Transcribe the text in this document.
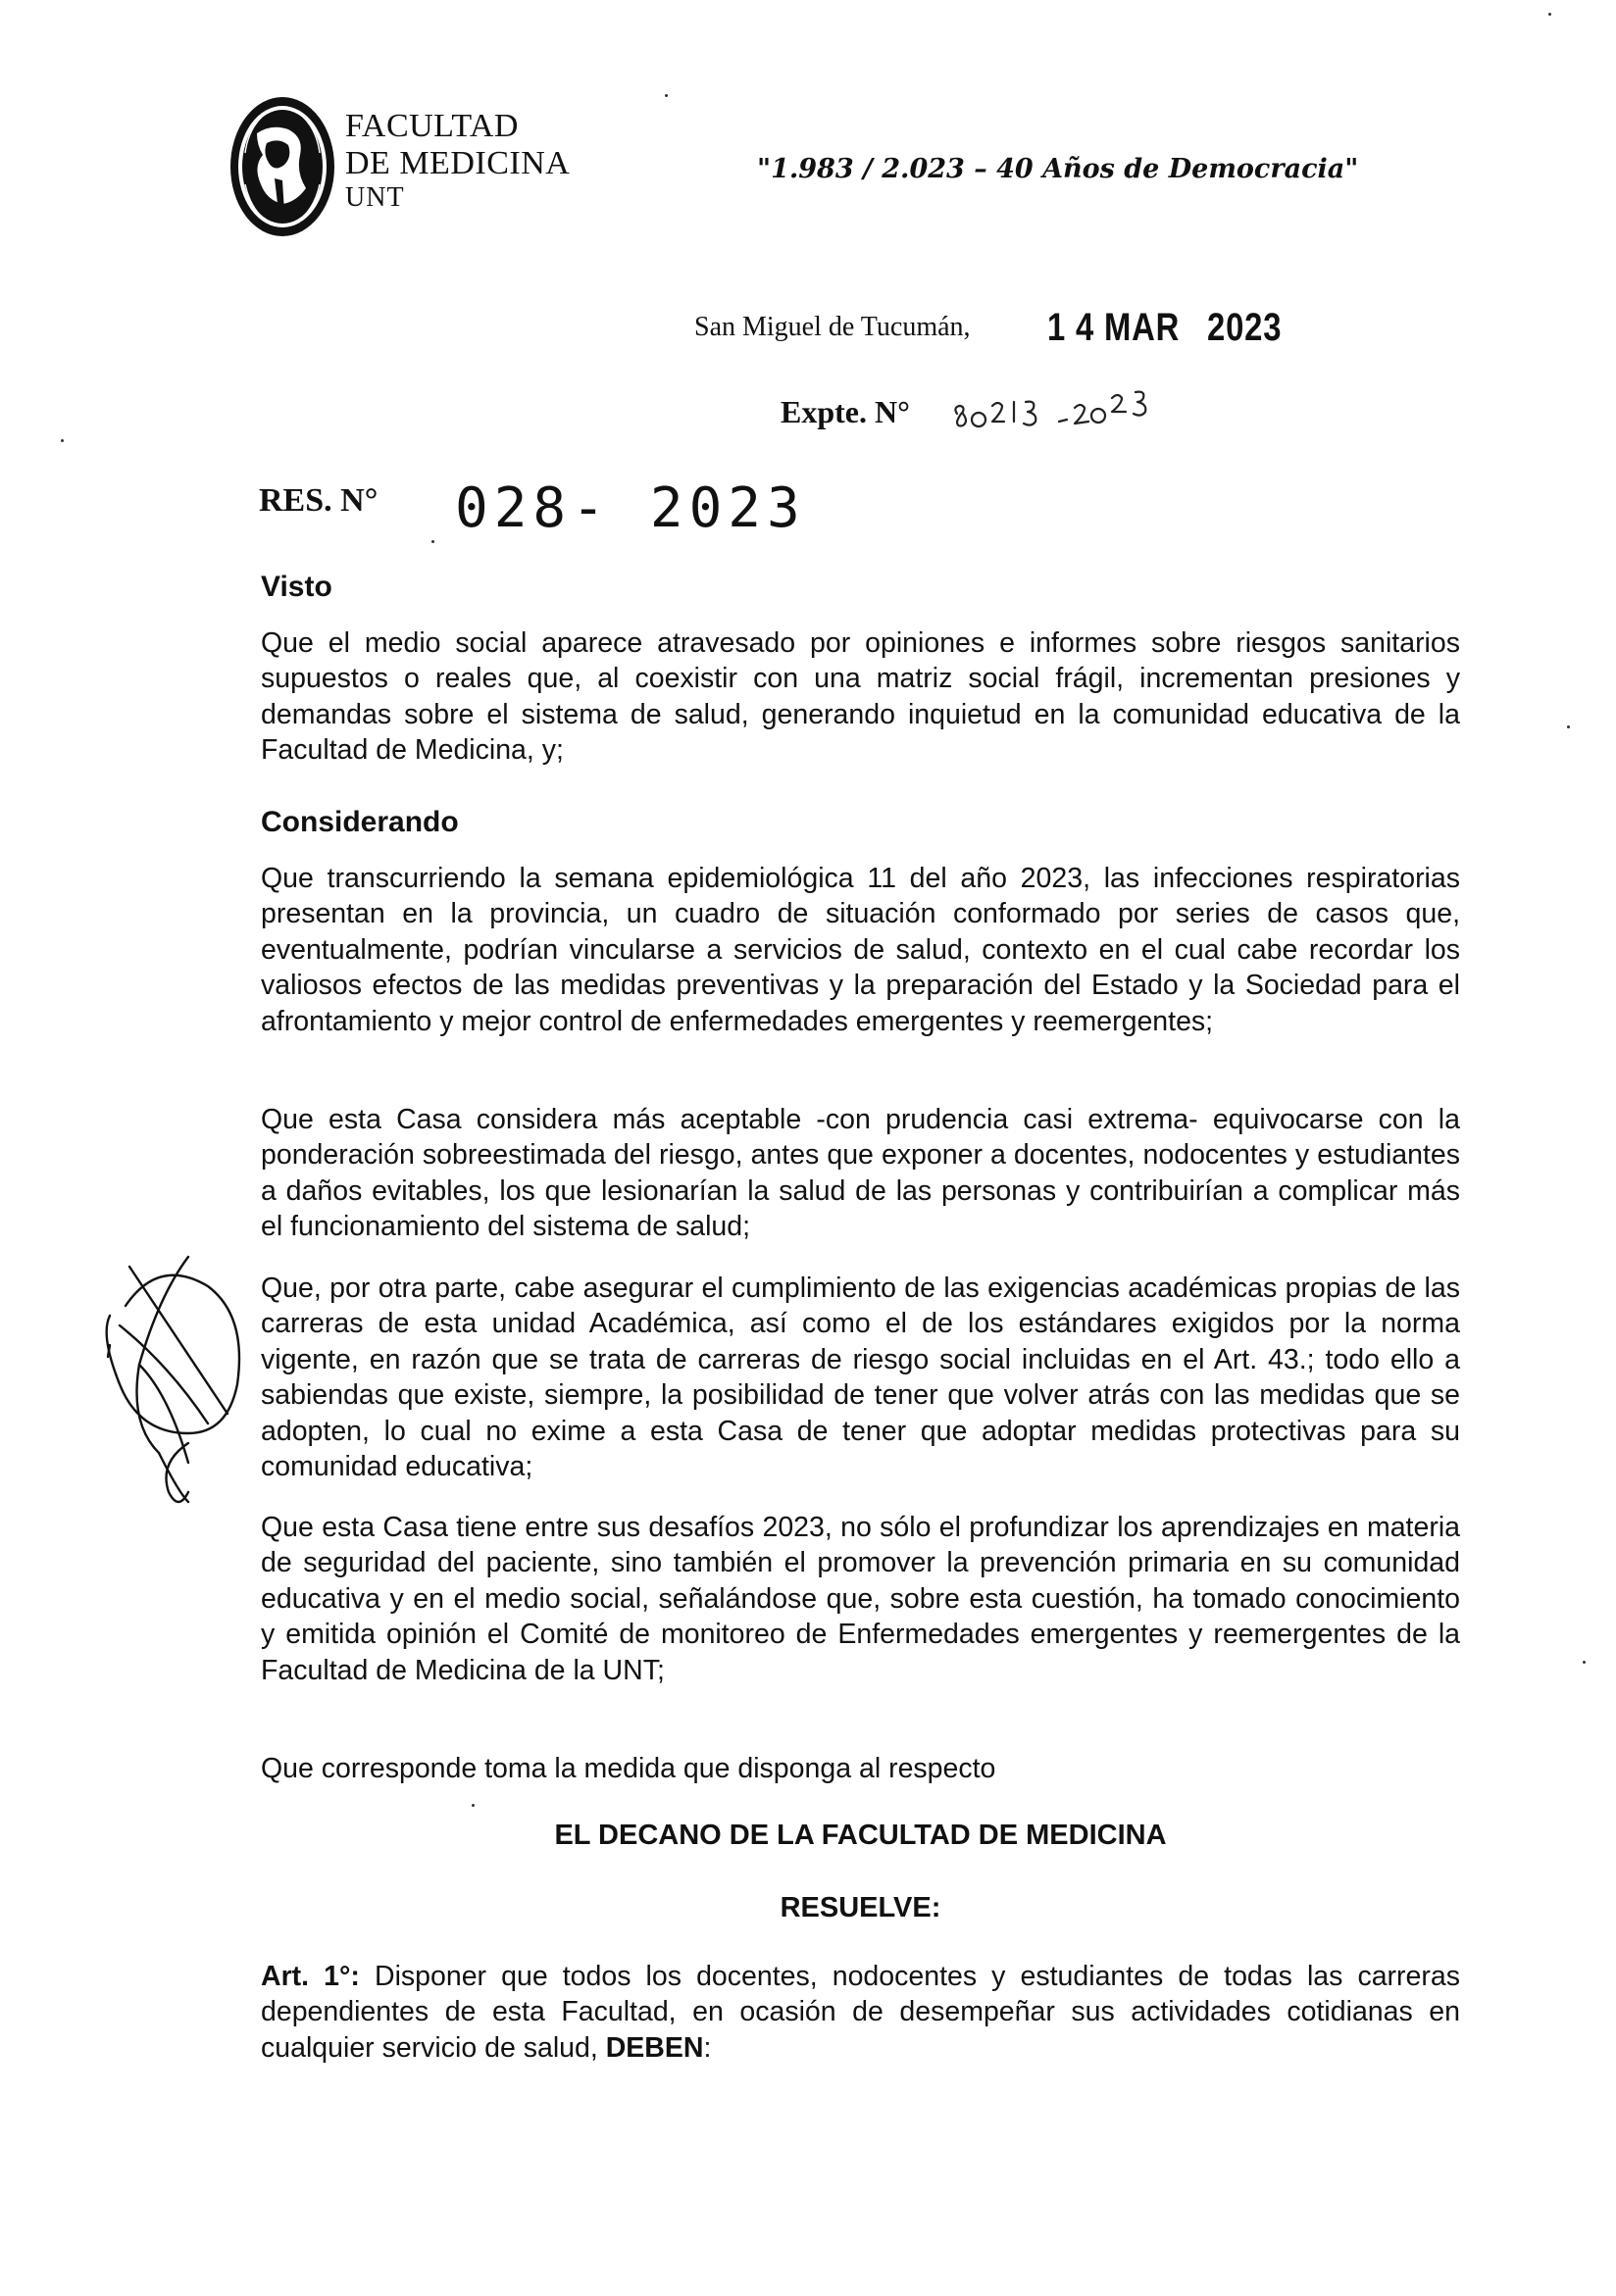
FACULTAD
DE MEDICINA
UNT
"1.983 / 2.023 – 40 Años de Democracia"
San Miguel de Tucumán, 1 4 MAR 2023
Expte. N°
RES. N° 028- 2023
Visto
Que el medio social aparece atravesado por opiniones e informes sobre riesgos sanitarios supuestos o reales que, al coexistir con una matriz social frágil, incrementan presiones y demandas sobre el sistema de salud, generando inquietud en la comunidad educativa de la Facultad de Medicina, y;
Considerando
Que transcurriendo la semana epidemiológica 11 del año 2023, las infecciones respiratorias presentan en la provincia, un cuadro de situación conformado por series de casos que, eventualmente, podrían vincularse a servicios de salud, contexto en el cual cabe recordar los valiosos efectos de las medidas preventivas y la preparación del Estado y la Sociedad para el afrontamiento y mejor control de enfermedades emergentes y reemergentes;
Que esta Casa considera más aceptable -con prudencia casi extrema- equivocarse con la ponderación sobreestimada del riesgo, antes que exponer a docentes, nodocentes y estudiantes a daños evitables, los que lesionarían la salud de las personas y contribuirían a complicar más el funcionamiento del sistema de salud;
Que, por otra parte, cabe asegurar el cumplimiento de las exigencias académicas propias de las carreras de esta unidad Académica, así como el de los estándares exigidos por la norma vigente, en razón que se trata de carreras de riesgo social incluidas en el Art. 43.; todo ello a sabiendas que existe, siempre, la posibilidad de tener que volver atrás con las medidas que se adopten, lo cual no exime a esta Casa de tener que adoptar medidas protectivas para su comunidad educativa;
Que esta Casa tiene entre sus desafíos 2023, no sólo el profundizar los aprendizajes en materia de seguridad del paciente, sino también el promover la prevención primaria en su comunidad educativa y en el medio social, señalándose que, sobre esta cuestión, ha tomado conocimiento y emitida opinión el Comité de monitoreo de Enfermedades emergentes y reemergentes de la Facultad de Medicina de la UNT;
Que corresponde toma la medida que disponga al respecto
EL DECANO DE LA FACULTAD DE MEDICINA
RESUELVE:
Art. 1°: Disponer que todos los docentes, nodocentes y estudiantes de todas las carreras dependientes de esta Facultad, en ocasión de desempeñar sus actividades cotidianas en cualquier servicio de salud, DEBEN:
